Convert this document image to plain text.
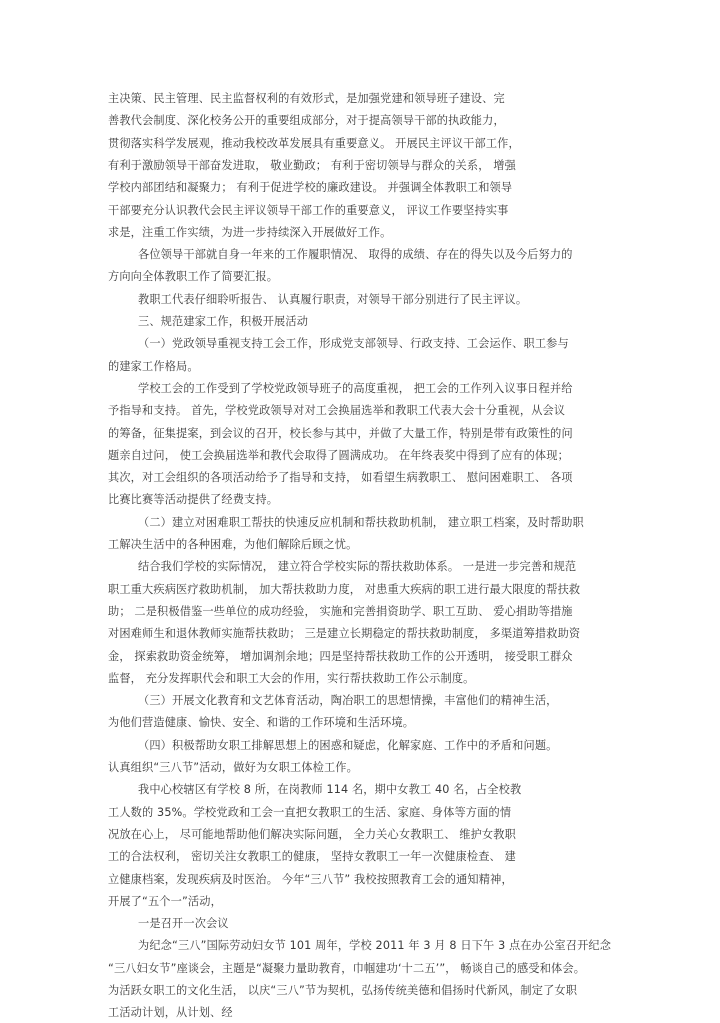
主决策、民主管理、民主监督权利的有效形式，是加强党建和领导班子建设、完
善教代会制度、深化校务公开的重要组成部分，对于提高领导干部的执政能力，
贯彻落实科学发展观，推动我校改革发展具有重要意义。 开展民主评议干部工作，
有利于激励领导干部奋发进取， 敬业勤政； 有利于密切领导与群众的关系， 增强
学校内部团结和凝聚力； 有利于促进学校的廉政建设。 并强调全体教职工和领导
干部要充分认识教代会民主评议领导干部工作的重要意义， 评议工作要坚持实事
求是，注重工作实绩，为进一步持续深入开展做好工作。
各位领导干部就自身一年来的工作履职情况、 取得的成绩、存在的得失以及今后努力的
方向向全体教职工作了简要汇报。
教职工代表仔细聆听报告、 认真履行职责，对领导干部分别进行了民主评议。
三、规范建家工作，积极开展活动
（一）党政领导重视支持工会工作，形成党支部领导、行政支持、工会运作、职工参与
的建家工作格局。
学校工会的工作受到了学校党政领导班子的高度重视， 把工会的工作列入议事日程并给
予指导和支持。 首先，学校党政领导对对工会换届选举和教职工代表大会十分重视，从会议
的筹备，征集提案，到会议的召开，校长参与其中，并做了大量工作，特别是带有政策性的问
题亲自过问， 使工会换届选举和教代会取得了圆满成功。 在年终表奖中得到了应有的体现；
其次，对工会组织的各项活动给予了指导和支持， 如看望生病教职工、 慰问困难职工、 各项
比赛比赛等活动提供了经费支持。
（二）建立对困难职工帮扶的快速反应机制和帮扶救助机制， 建立职工档案，及时帮助职
工解决生活中的各种困难，为他们解除后顾之忧。
结合我们学校的实际情况， 建立符合学校实际的帮扶救助体系。 一是进一步完善和规范
职工重大疾病医疗救助机制， 加大帮扶救助力度， 对患重大疾病的职工进行最大限度的帮扶救
助； 二是积极借鉴一些单位的成功经验， 实施和完善捐资助学、职工互助、 爱心捐助等措施
对困难师生和退休教师实施帮扶救助； 三是建立长期稳定的帮扶救助制度， 多渠道筹措救助资
金， 探索救助资金统筹， 增加调剂余地；四是坚持帮扶救助工作的公开透明， 接受职工群众
监督， 充分发挥职代会和职工大会的作用，实行帮扶救助工作公示制度。
（三）开展文化教育和文艺体育活动，陶冶职工的思想情操，丰富他们的精神生活，
为他们营造健康、愉快、安全、和谐的工作环境和生活环境。
（四）积极帮助女职工排解思想上的困惑和疑虑，化解家庭、工作中的矛盾和问题。
认真组织“三八节”活动，做好为女职工体检工作。
我中心校辖区有学校 8 所，在岗教师 114 名，期中女教工 40 名，占全校教
工人数的 35%。学校党政和工会一直把女教职工的生活、家庭、身体等方面的情
况放在心上， 尽可能地帮助他们解决实际问题， 全力关心女教职工、 维护女教职
工的合法权利， 密切关注女教职工的健康， 坚持女教职工一年一次健康检查、 建
立健康档案，发现疾病及时医治。 今年“三八节” 我校按照教育工会的通知精神，
开展了“五个一”活动，
一是召开一次会议
为纪念“三八”国际劳动妇女节 101 周年，学校 2011 年 3 月 8 日下午 3 点在办公室召开纪念
“三八妇女节”座谈会，主题是“凝聚力量助教育，巾帼建功‘十二五’”， 畅谈自己的感受和体会。
为活跃女职工的文化生活， 以庆“三八”节为契机，弘扬传统美德和倡扬时代新风，制定了女职
工活动计划，从计划、经
